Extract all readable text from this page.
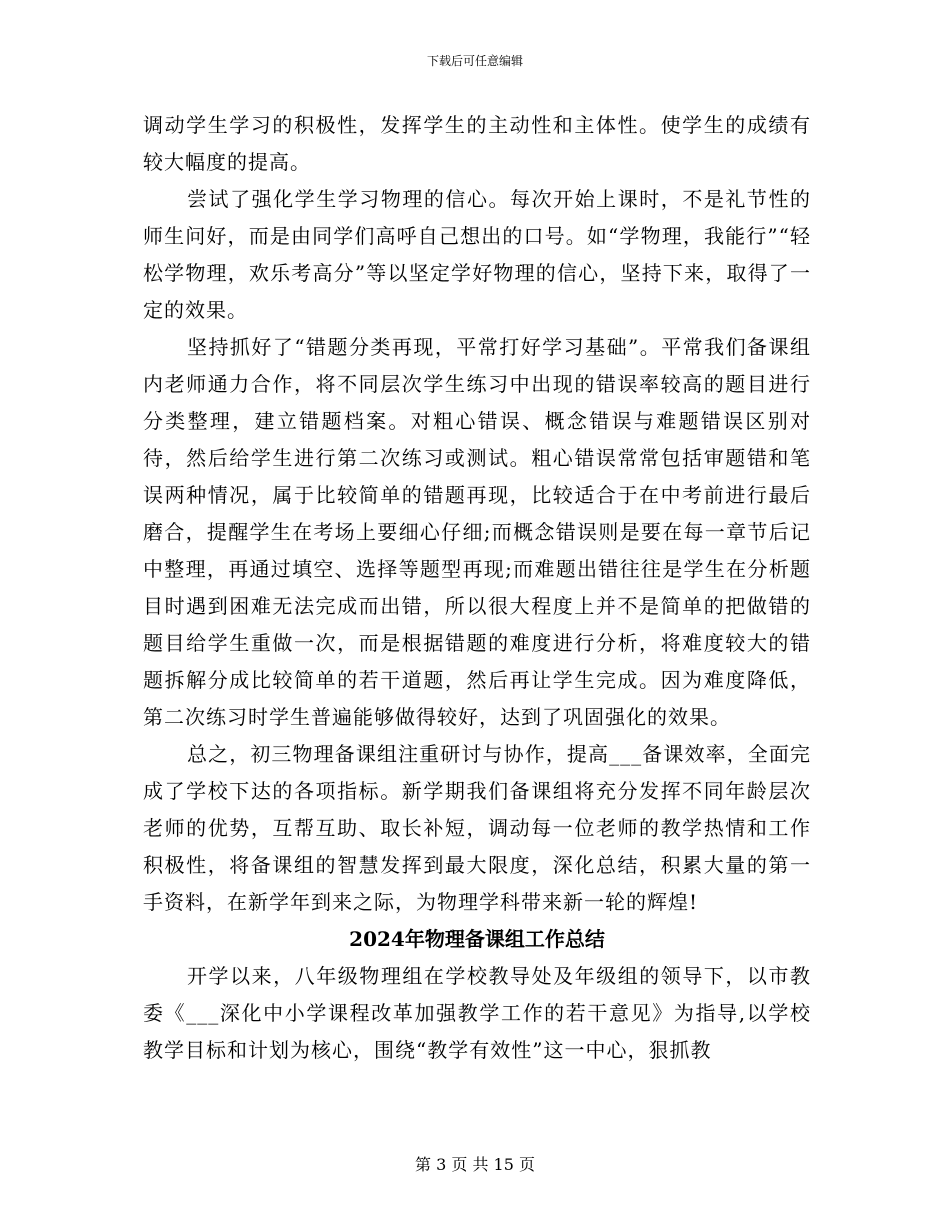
下载后可任意编辑

调动学生学习的积极性，发挥学生的主动性和主体性。使学生的成绩有较大幅度的提高。

尝试了强化学生学习物理的信心。每次开始上课时，不是礼节性的师生问好，而是由同学们高呼自己想出的口号。如“学物理，我能行”“轻松学物理，欢乐考高分”等以坚定学好物理的信心，坚持下来，取得了一定的效果。

坚持抓好了“错题分类再现，平常打好学习基础”。平常我们备课组内老师通力合作，将不同层次学生练习中出现的错误率较高的题目进行分类整理，建立错题档案。对粗心错误、概念错误与难题错误区别对待，然后给学生进行第二次练习或测试。粗心错误常常包括审题错和笔误两种情况，属于比较简单的错题再现，比较适合于在中考前进行最后磨合，提醒学生在考场上要细心仔细;而概念错误则是要在每一章节后记中整理，再通过填空、选择等题型再现;而难题出错往往是学生在分析题目时遇到困难无法完成而出错，所以很大程度上并不是简单的把做错的题目给学生重做一次，而是根据错题的难度进行分析，将难度较大的错题拆解分成比较简单的若干道题，然后再让学生完成。因为难度降低，第二次练习时学生普遍能够做得较好，达到了巩固强化的效果。

总之，初三物理备课组注重研讨与协作，提高___备课效率，全面完成了学校下达的各项指标。新学期我们备课组将充分发挥不同年龄层次老师的优势，互帮互助、取长补短，调动每一位老师的教学热情和工作积极性，将备课组的智慧发挥到最大限度，深化总结，积累大量的第一手资料，在新学年到来之际，为物理学科带来新一轮的辉煌!

2024年物理备课组工作总结

开学以来，八年级物理组在学校教导处及年级组的领导下，以市教委《___深化中小学课程改革加强教学工作的若干意见》为指导,以学校教学目标和计划为核心，围绕“教学有效性”这一中心，狠抓教

第 3 页 共 15 页
